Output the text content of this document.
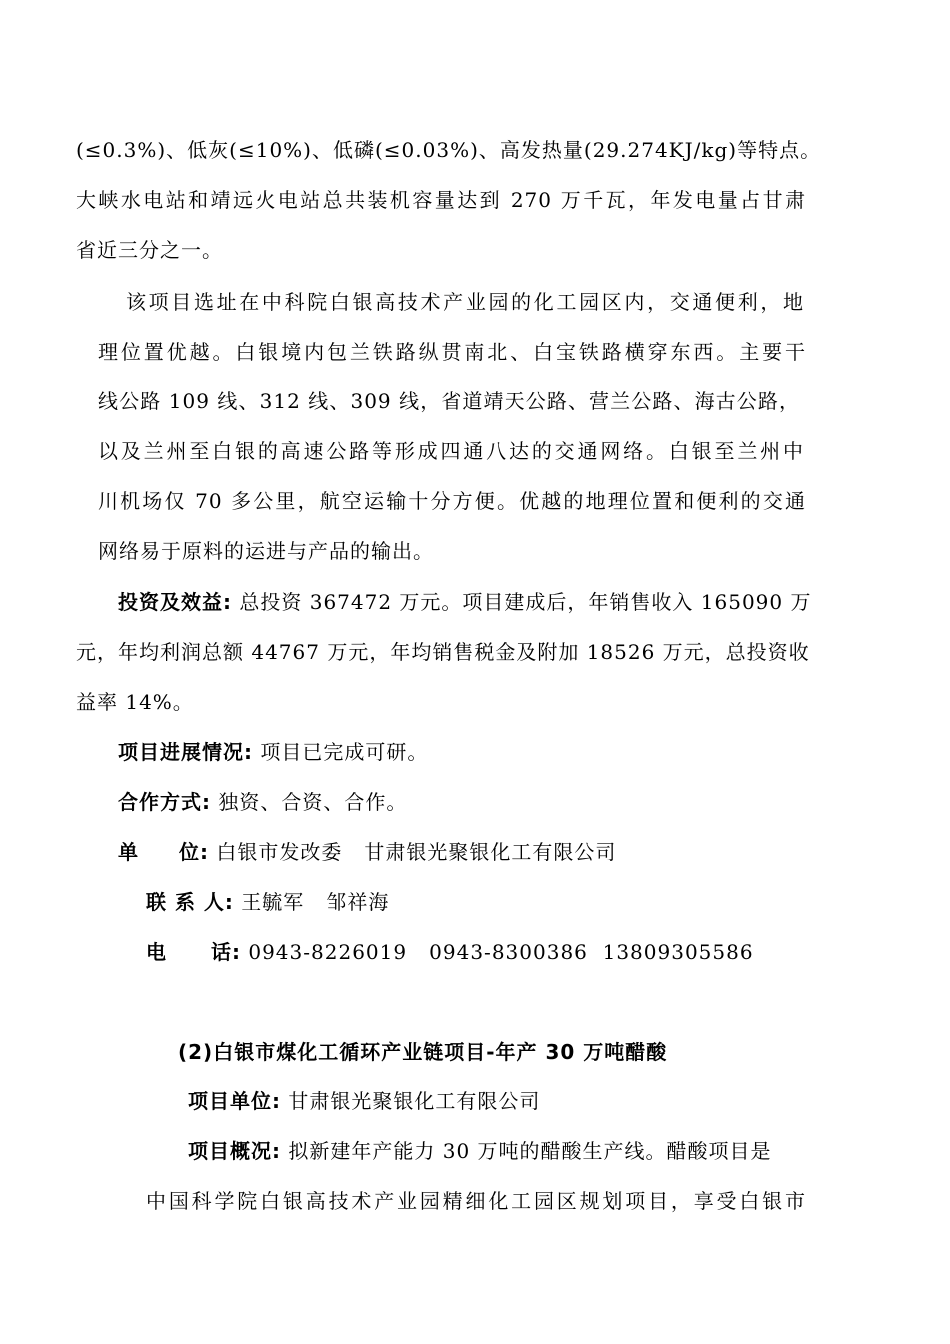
(≤0.3%)、低灰(≤10%)、低磷(≤0.03%)、高发热量(29.274KJ/kg)等特点。
大峡水电站和靖远火电站总共装机容量达到 270 万千瓦，年发电量占甘肃
省近三分之一。
该项目选址在中科院白银高技术产业园的化工园区内，交通便利，地
理位置优越。白银境内包兰铁路纵贯南北、白宝铁路横穿东西。主要干
线公路 109 线、312 线、309 线，省道靖天公路、营兰公路、海古公路，
以及兰州至白银的高速公路等形成四通八达的交通网络。白银至兰州中
川机场仅 70 多公里，航空运输十分方便。优越的地理位置和便利的交通
网络易于原料的运进与产品的输出。
投资及效益: 总投资 367472 万元。项目建成后，年销售收入 165090 万
元，年均利润总额 44767 万元，年均销售税金及附加 18526 万元，总投资收
益率 14%。
项目进展情况: 项目已完成可研。
合作方式: 独资、合资、合作。
单 位: 白银市发改委 甘肃银光聚银化工有限公司
联 系 人: 王毓军   邹祥海
电 话: 0943-8226019   0943-8300386  13809305586
(2)白银市煤化工循环产业链项目-年产 30 万吨醋酸
项目单位: 甘肃银光聚银化工有限公司
项目概况: 拟新建年产能力 30 万吨的醋酸生产线。醋酸项目是
中国科学院白银高技术产业园精细化工园区规划项目，享受白银市
